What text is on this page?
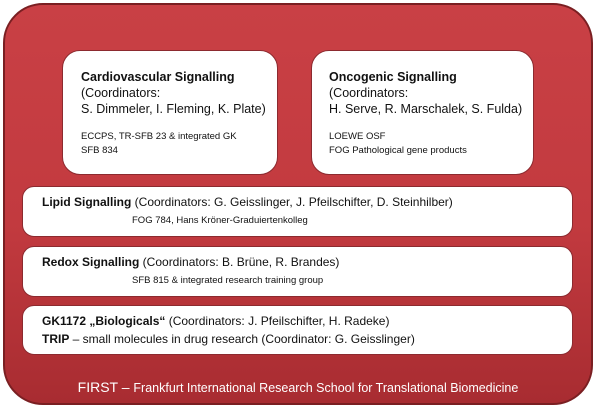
Cardiovascular Signalling
(Coordinators:
S. Dimmeler, I. Fleming, K. Plate)
ECCPS, TR-SFB 23 & integrated GK
SFB 834
Oncogenic Signalling
(Coordinators:
H. Serve, R. Marschalek, S. Fulda)
LOEWE OSF
FOG Pathological gene products
Lipid Signalling (Coordinators: G. Geisslinger, J. Pfeilschifter, D. Steinhilber)
FOG 784, Hans Kröner-Graduiertenkolleg
Redox Signalling (Coordinators: B. Brüne, R. Brandes)
SFB 815 & integrated research training group
GK1172 „Biologicals“ (Coordinators: J. Pfeilschifter, H. Radeke)
TRIP – small molecules in drug research (Coordinator: G. Geisslinger)
FIRST – Frankfurt International Research School for Translational Biomedicine
